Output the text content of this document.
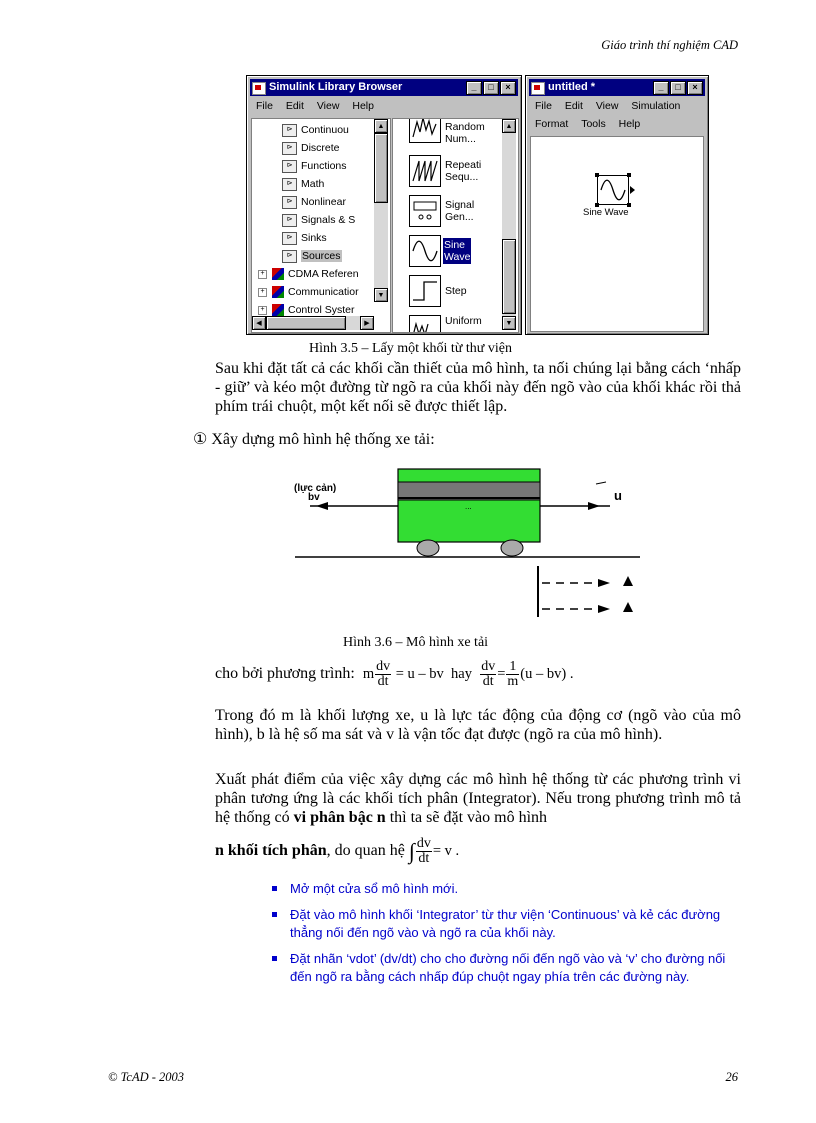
Giáo trình thí nghiệm CAD
Simulink Library Browser	_ □ ×
File Edit View Help
⊳ Continuou
⊳ Discrete
⊳ Functions
⊳ Math
⊳ Nonlinear
⊳ Signals & S
⊳ Sinks
⊳ Sources
+ CDMA Referen
+ Communicatior
+ Control Syster
▲
▼
◀	▶
Random
Num...
Repeati
Sequ...
Signal
Gen...
Sine
Wave
Step
Uniform
▲
▼
untitled *	_ □ ×
File Edit View Simulation
Format Tools Help
Sine Wave
Hình 3.5 – Lấy một khối từ thư viện
Sau khi đặt tất cả các khối cần thiết của mô hình, ta nối chúng lại bằng cách ‘nhấp - giữ’ và kéo một đường từ ngõ ra của khối này đến ngõ vào của khối khác rồi thả phím trái chuột, một kết nối sẽ được thiết lập.
① Xây dựng mô hình hệ thống xe tải:
...
(lực cản)
bv	u
Hình 3.6 – Mô hình xe tải
cho bởi phương trình: m $\frac{dv}{dt} = u$ – bv hay $\frac{dv}{dt} = \frac{1}{m} (u - bv)$ .
Trong đó m là khối lượng xe, u là lực tác động của động cơ (ngõ vào của mô hình), b là hệ số ma sát và v là vận tốc đạt được (ngõ ra của mô hình).
Xuất phát điểm của việc xây dựng các mô hình hệ thống từ các phương trình vi phân tương ứng là các khối tích phân (Integrator). Nếu trong phương trình mô tả hệ thống có vi phân bậc n thì ta sẽ đặt vào mô hình
n khối tích phân, do quan hệ ∫ $\frac{dv}{dt} = v$ .
Mở một cửa sổ mô hình mới.
Đặt vào mô hình khối ‘Integrator’ từ thư viện ‘Continuous’ và kẻ các đường thẳng nối đến ngõ vào và ngõ ra của khối này.
Đặt nhãn ‘vdot’ (dv/dt) cho cho đường nối đến ngõ vào và ‘v’ cho đường nối đến ngõ ra bằng cách nhấp đúp chuột ngay phía trên các đường này.
© TcAD - 2003	26
